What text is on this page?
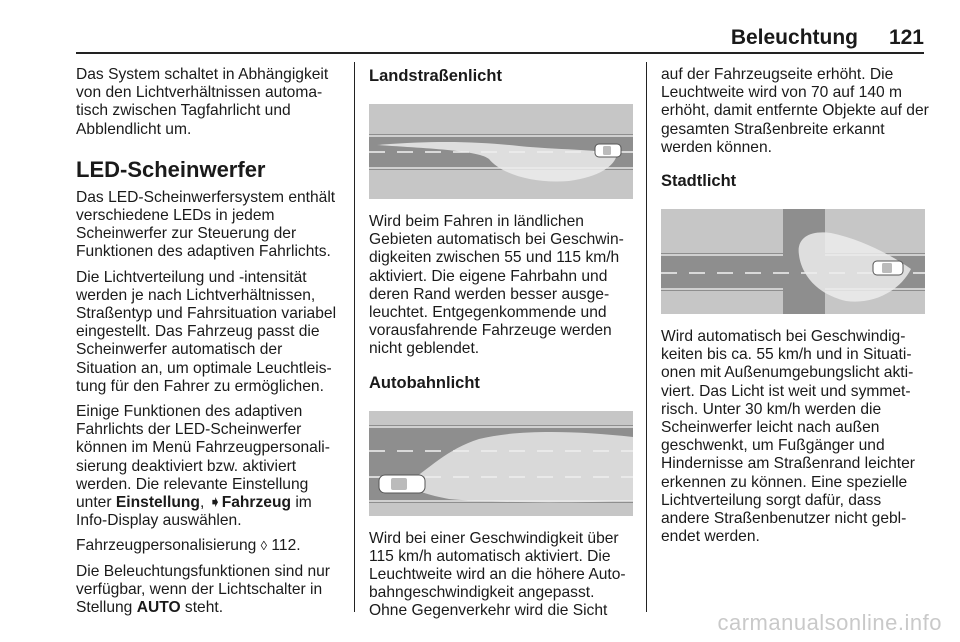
Beleuchtung 121

Das System schaltet in Abhängigkeit von den Lichtverhältnissen automatisch zwischen Tagfahrlicht und Abblendlicht um.

LED-Scheinwerfer

Das LED-Scheinwerfersystem enthält verschiedene LEDs in jedem Scheinwerfer zur Steuerung der Funktionen des adaptiven Fahrlichts.

Die Lichtverteilung und -intensität werden je nach Lichtverhältnissen, Straßentyp und Fahrsituation variabel eingestellt. Das Fahrzeug passt die Scheinwerfer automatisch der Situation an, um optimale Leuchtleistung für den Fahrer zu ermöglichen.

Einige Funktionen des adaptiven Fahrlichts der LED-Scheinwerfer können im Menü Fahrzeugpersonalisierung deaktiviert bzw. aktiviert werden. Die relevante Einstellung unter Einstellung, ➧Fahrzeug im Info-Display auswählen.

Fahrzeugpersonalisierung ◊ 112.

Die Beleuchtungsfunktionen sind nur verfügbar, wenn der Lichtschalter in Stellung AUTO steht.

Landstraßenlicht

Wird beim Fahren in ländlichen Gebieten automatisch bei Geschwindigkeiten zwischen 55 und 115 km/h aktiviert. Die eigene Fahrbahn und deren Rand werden besser ausgeleuchtet. Entgegenkommende und vorausfahrende Fahrzeuge werden nicht geblendet.

Autobahnlicht

Wird bei einer Geschwindigkeit über 115 km/h automatisch aktiviert. Die Leuchtweite wird an die höhere Autobahngeschwindigkeit angepasst. Ohne Gegenverkehr wird die Sicht

auf der Fahrzeugseite erhöht. Die Leuchtweite wird von 70 auf 140 m erhöht, damit entfernte Objekte auf der gesamten Straßenbreite erkannt werden können.

Stadtlicht

Wird automatisch bei Geschwindigkeiten bis ca. 55 km/h und in Situationen mit Außenumgebungslicht aktiviert. Das Licht ist weit und symmetrisch. Unter 30 km/h werden die Scheinwerfer leicht nach außen geschwenkt, um Fußgänger und Hindernisse am Straßenrand leichter erkennen zu können. Eine spezielle Lichtverteilung sorgt dafür, dass andere Straßenbenutzer nicht geblendet werden.

carmanualsonline.info
